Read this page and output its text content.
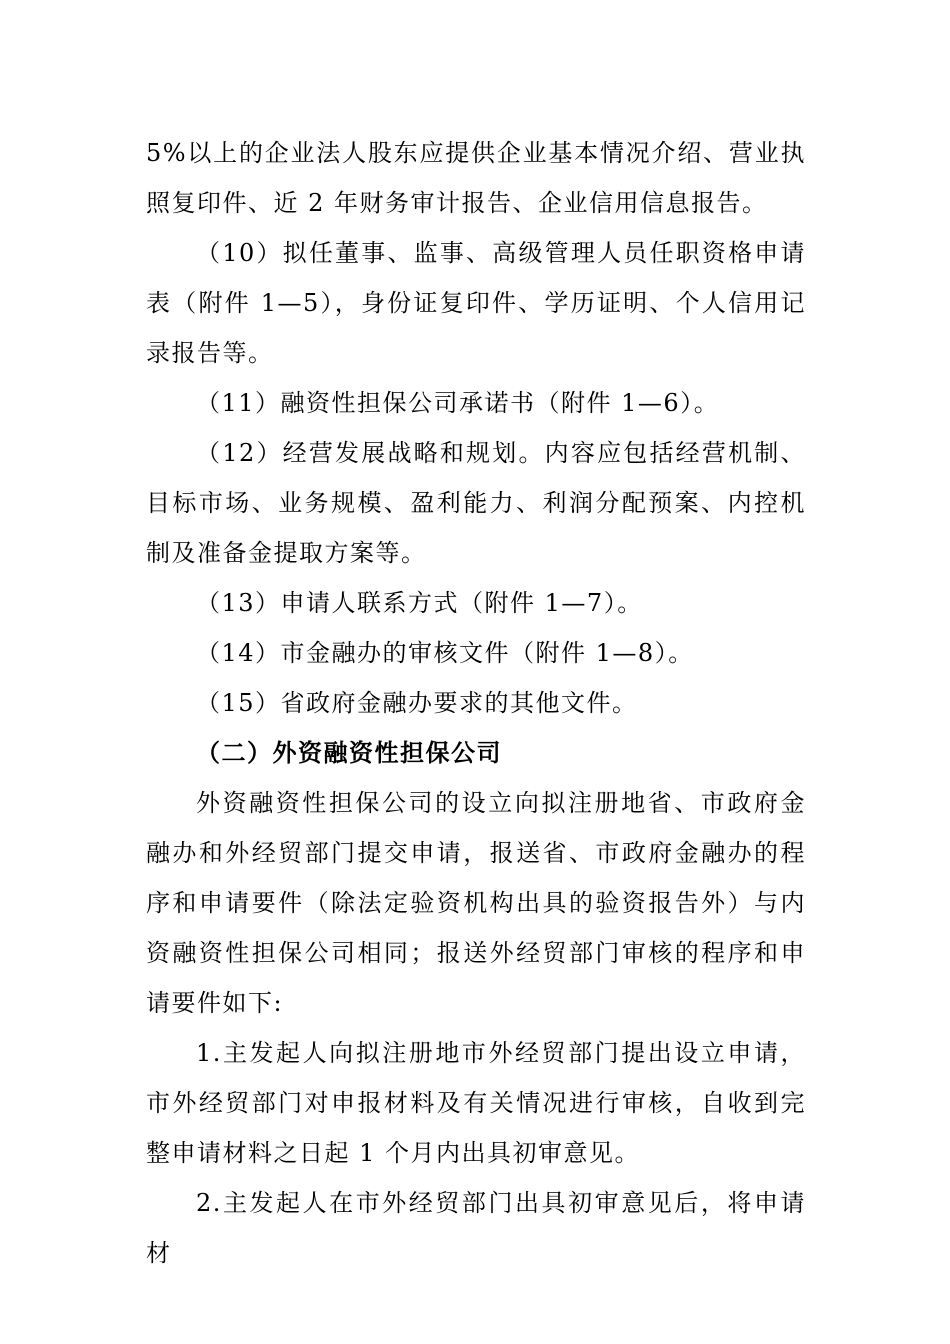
5%以上的企业法人股东应提供企业基本情况介绍、营业执照复印件、近 2 年财务审计报告、企业信用信息报告。

（10）拟任董事、监事、高级管理人员任职资格申请表（附件 1—5），身份证复印件、学历证明、个人信用记录报告等。

（11）融资性担保公司承诺书（附件 1—6）。

（12）经营发展战略和规划。内容应包括经营机制、目标市场、业务规模、盈利能力、利润分配预案、内控机制及准备金提取方案等。

（13）申请人联系方式（附件 1—7）。

（14）市金融办的审核文件（附件 1—8）。

（15）省政府金融办要求的其他文件。

（二）外资融资性担保公司

外资融资性担保公司的设立向拟注册地省、市政府金融办和外经贸部门提交申请，报送省、市政府金融办的程序和申请要件（除法定验资机构出具的验资报告外）与内资融资性担保公司相同；报送外经贸部门审核的程序和申请要件如下:

1.主发起人向拟注册地市外经贸部门提出设立申请，市外经贸部门对申报材料及有关情况进行审核，自收到完整申请材料之日起 1 个月内出具初审意见。

2.主发起人在市外经贸部门出具初审意见后，将申请材
